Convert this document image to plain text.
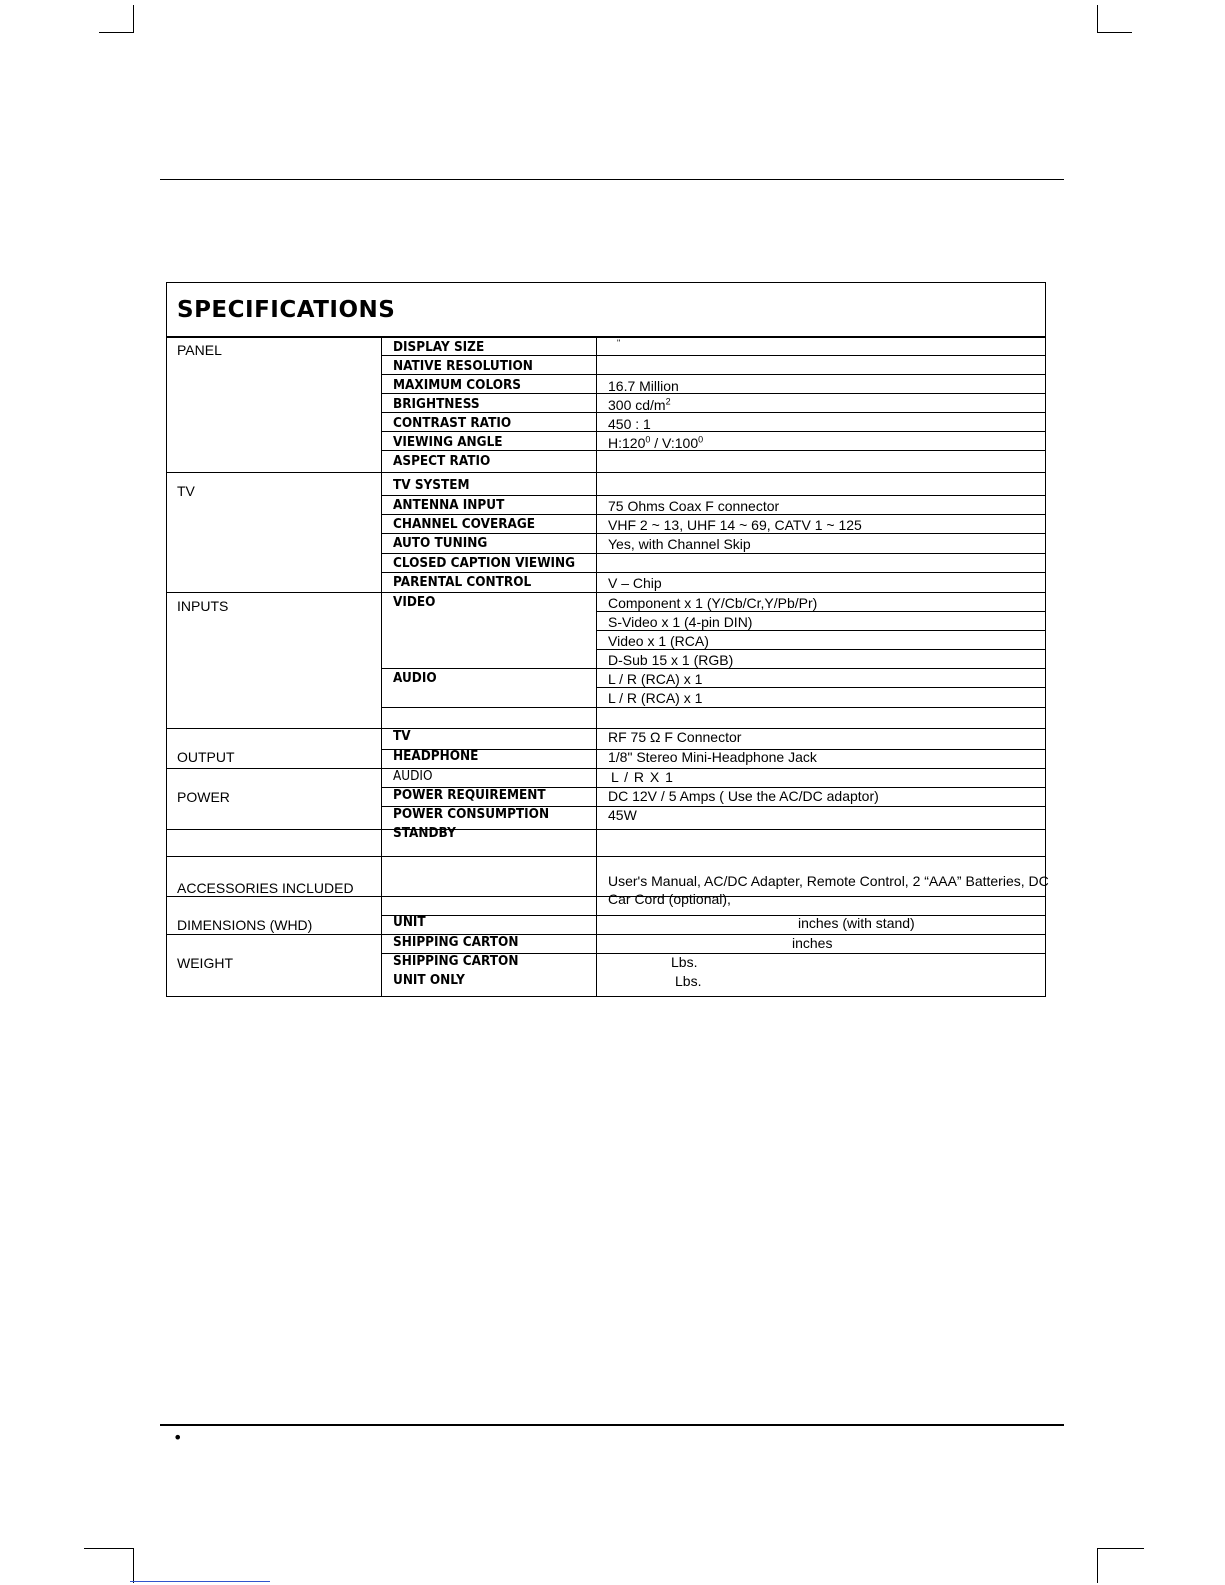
SPECIFICATIONS
PANEL
TV
INPUTS
OUTPUT
POWER
ACCESSORIES INCLUDED
DIMENSIONS (WHD)
WEIGHT
DISPLAY SIZE
NATIVE RESOLUTION
MAXIMUM COLORS
BRIGHTNESS
CONTRAST RATIO
VIEWING ANGLE
ASPECT RATIO
TV SYSTEM
ANTENNA INPUT
CHANNEL COVERAGE
AUTO TUNING
CLOSED CAPTION VIEWING
PARENTAL CONTROL
VIDEO
AUDIO
TV
HEADPHONE
AUDIO
POWER REQUIREMENT
POWER CONSUMPTION
STANDBY
UNIT
SHIPPING CARTON
SHIPPING CARTON
UNIT ONLY
"
16.7 Million
300 $cd/m^2$
450 : 1
$H:120^0$ / $V:100^0$
75 Ohms Coax F connector
VHF 2 ~ 13, UHF 14 ~ 69, CATV 1 ~ 125
Yes, with Channel Skip
V – Chip
Component x 1 (Y/Cb/Cr,Y/Pb/Pr)
S-Video x 1 (4-pin DIN)
Video x 1 (RCA)
D-Sub 15 x 1 (RGB)
L / R (RCA) x 1
L / R (RCA) x 1
RF 75 Ω F Connector
1/8" Stereo Mini-Headphone Jack
L / R X 1
DC 12V / 5 Amps ( Use the AC/DC adaptor)
45W
User's Manual, AC/DC Adapter, Remote Control, 2 “AAA” Batteries, DC
Car Cord (optional),
inches (with stand)
inches
Lbs.
Lbs.
•
